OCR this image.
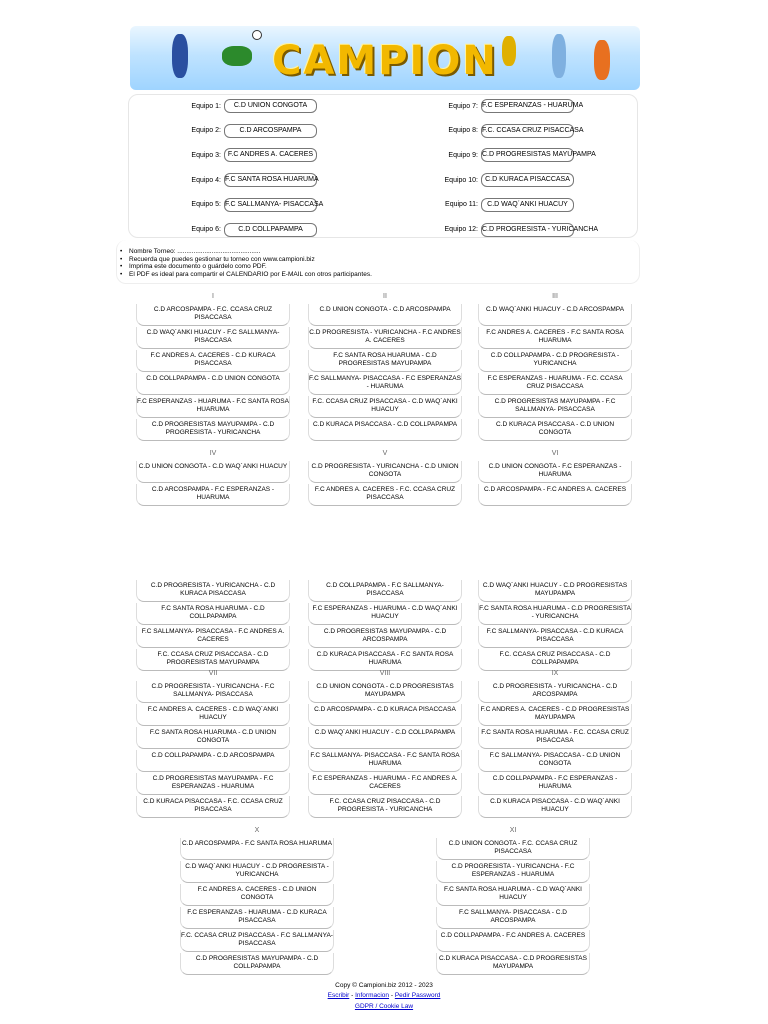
CAMPION
Equipo 1:	C.D UNION CONGOTA
Equipo 2:	C.D ARCOSPAMPA
Equipo 3: F.C ANDRES A. CACERES
Equipo 4: F.C SANTA ROSA HUARUMA
Equipo 5: F.C SALLMANYA- PISACCASA
Equipo 6:	C.D COLLPAPAMPA
Equipo 7: F.C ESPERANZAS - HUARUMA
Equipo 8: F.C. CCASA CRUZ PISACCASA
Equipo 9: C.D PROGRESISTAS MAYUPAMPA
Equipo 10:	C.D KURACA PISACCASA
Equipo 11:	C.D WAQ´ANKI HUACUY
Equipo 12: C.D PROGRESISTA - YURICANCHA
• Nombre Torneo: ..............................................
• Recuerda que puedes gestionar tu torneo con www.campioni.biz
• Imprima este documento o guárdelo como PDF.
• El PDF es ideal para compartir el CALENDARIO por E-MAIL con otros participantes.
I
C.D ARCOSPAMPA - F.C. CCASA CRUZ PISACCASA
C.D WAQ´ANKI HUACUY - F.C SALLMANYA- PISACCASA
F.C ANDRES A. CACERES - C.D KURACA PISACCASA
C.D COLLPAPAMPA - C.D UNION CONGOTA
F.C ESPERANZAS - HUARUMA - F.C SANTA ROSA HUARUMA
C.D PROGRESISTAS MAYUPAMPA - C.D PROGRESISTA - YURICANCHA
II
C.D UNION CONGOTA - C.D ARCOSPAMPA
C.D PROGRESISTA - YURICANCHA - F.C ANDRES A. CACERES
F.C SANTA ROSA HUARUMA - C.D PROGRESISTAS MAYUPAMPA
F.C SALLMANYA- PISACCASA - F.C ESPERANZAS - HUARUMA
F.C. CCASA CRUZ PISACCASA - C.D WAQ´ANKI HUACUY
C.D KURACA PISACCASA - C.D COLLPAPAMPA
III
C.D WAQ´ANKI HUACUY - C.D ARCOSPAMPA
F.C ANDRES A. CACERES - F.C SANTA ROSA HUARUMA
C.D COLLPAPAMPA - C.D PROGRESISTA - YURICANCHA
F.C ESPERANZAS - HUARUMA - F.C. CCASA CRUZ PISACCASA
C.D PROGRESISTAS MAYUPAMPA - F.C SALLMANYA- PISACCASA
C.D KURACA PISACCASA - C.D UNION CONGOTA
IV
C.D UNION CONGOTA - C.D WAQ´ANKI HUACUY
C.D ARCOSPAMPA - F.C ESPERANZAS - HUARUMA
V
C.D PROGRESISTA - YURICANCHA - C.D UNION CONGOTA
F.C ANDRES A. CACERES - F.C. CCASA CRUZ PISACCASA
VI
C.D UNION CONGOTA - F.C ESPERANZAS - HUARUMA
C.D ARCOSPAMPA - F.C ANDRES A. CACERES
C.D PROGRESISTA - YURICANCHA - C.D KURACA PISACCASA
F.C SANTA ROSA HUARUMA - C.D COLLPAPAMPA
F.C SALLMANYA- PISACCASA - F.C ANDRES A. CACERES
F.C. CCASA CRUZ PISACCASA - C.D PROGRESISTAS MAYUPAMPA
C.D COLLPAPAMPA - F.C SALLMANYA- PISACCASA
F.C ESPERANZAS - HUARUMA - C.D WAQ´ANKI HUACUY
C.D PROGRESISTAS MAYUPAMPA - C.D ARCOSPAMPA
C.D KURACA PISACCASA - F.C SANTA ROSA HUARUMA
C.D WAQ´ANKI HUACUY - C.D PROGRESISTAS MAYUPAMPA
F.C SANTA ROSA HUARUMA - C.D PROGRESISTA - YURICANCHA
F.C SALLMANYA- PISACCASA - C.D KURACA PISACCASA
F.C. CCASA CRUZ PISACCASA - C.D COLLPAPAMPA
VII
C.D PROGRESISTA - YURICANCHA - F.C SALLMANYA- PISACCASA
F.C ANDRES A. CACERES - C.D WAQ´ANKI HUACUY
F.C SANTA ROSA HUARUMA - C.D UNION CONGOTA
C.D COLLPAPAMPA - C.D ARCOSPAMPA
C.D PROGRESISTAS MAYUPAMPA - F.C ESPERANZAS - HUARUMA
C.D KURACA PISACCASA - F.C. CCASA CRUZ PISACCASA
VIII
C.D UNION CONGOTA - C.D PROGRESISTAS MAYUPAMPA
C.D ARCOSPAMPA - C.D KURACA PISACCASA
C.D WAQ´ANKI HUACUY - C.D COLLPAPAMPA
F.C SALLMANYA- PISACCASA - F.C SANTA ROSA HUARUMA
F.C ESPERANZAS - HUARUMA - F.C ANDRES A. CACERES
F.C. CCASA CRUZ PISACCASA - C.D PROGRESISTA - YURICANCHA
IX
C.D PROGRESISTA - YURICANCHA - C.D ARCOSPAMPA
F.C ANDRES A. CACERES - C.D PROGRESISTAS MAYUPAMPA
F.C SANTA ROSA HUARUMA - F.C. CCASA CRUZ PISACCASA
F.C SALLMANYA- PISACCASA - C.D UNION CONGOTA
C.D COLLPAPAMPA - F.C ESPERANZAS - HUARUMA
C.D KURACA PISACCASA - C.D WAQ´ANKI HUACUY
X
C.D ARCOSPAMPA - F.C SANTA ROSA HUARUMA
C.D WAQ´ANKI HUACUY - C.D PROGRESISTA - YURICANCHA
F.C ANDRES A. CACERES - C.D UNION CONGOTA
F.C ESPERANZAS - HUARUMA - C.D KURACA PISACCASA
F.C. CCASA CRUZ PISACCASA - F.C SALLMANYA- PISACCASA
C.D PROGRESISTAS MAYUPAMPA - C.D COLLPAPAMPA
XI
C.D UNION CONGOTA - F.C. CCASA CRUZ PISACCASA
C.D PROGRESISTA - YURICANCHA - F.C ESPERANZAS - HUARUMA
F.C SANTA ROSA HUARUMA - C.D WAQ´ANKI HUACUY
F.C SALLMANYA- PISACCASA - C.D ARCOSPAMPA
C.D COLLPAPAMPA - F.C ANDRES A. CACERES
C.D KURACA PISACCASA - C.D PROGRESISTAS MAYUPAMPA
Copy © Campioni.biz 2012 - 2023
Escribir - Informacion - Pedir Password
GDPR / Cookie Law
